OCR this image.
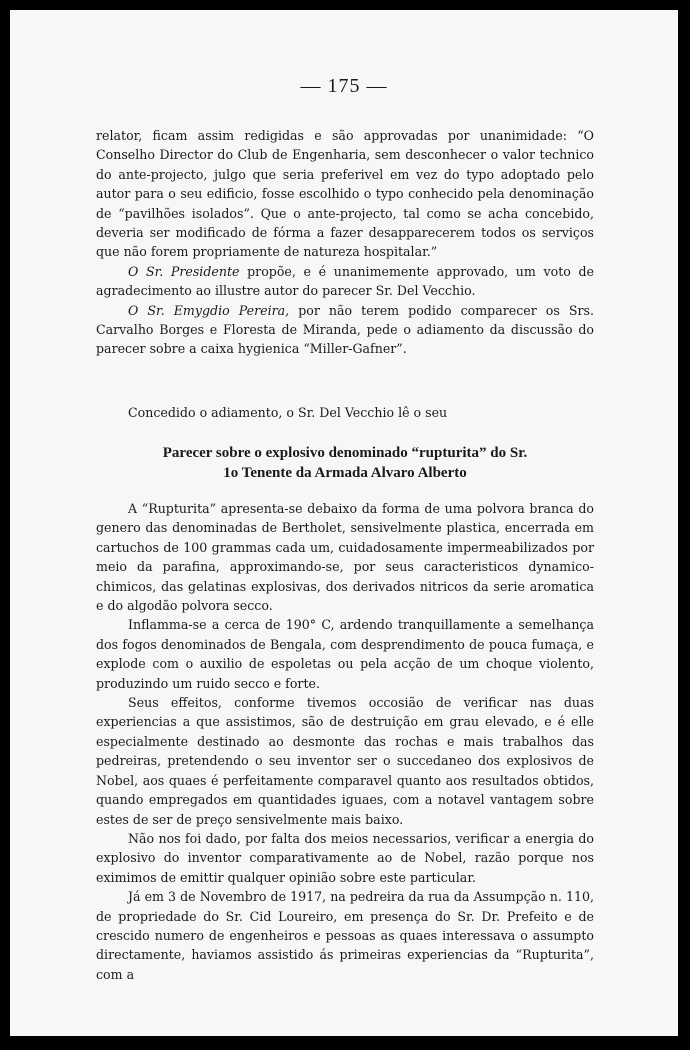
— 175 —

relator, ficam assim redigidas e são approvadas por unanimidade: “O Conselho Director do Club de Engenharia, sem desconhecer o valor technico do ante-projecto, julgo que seria preferivel em vez do typo adoptado pelo autor para o seu edificio, fosse escolhido o typo conhecido pela denominação de “pavilhões isolados”. Que o ante-projecto, tal como se acha concebido, deveria ser modificado de fórma a fazer desapparecerem todos os serviços que não forem propriamente de natureza hospitalar.”

O Sr. Presidente propõe, e é unanimemente approvado, um voto de agradecimento ao illustre autor do parecer Sr. Del Vecchio.

O Sr. Emygdio Pereira, por não terem podido comparecer os Srs. Carvalho Borges e Floresta de Miranda, pede o adiamento da discussão do parecer sobre a caixa hygienica “Miller-Gafner”.

Concedido o adiamento, o Sr. Del Vecchio lê o seu

Parecer sobre o explosivo denominado “rupturita” do Sr.
1o Tenente da Armada Alvaro Alberto

A “Rupturita” apresenta-se debaixo da forma de uma polvora branca do genero das denominadas de Bertholet, sensivelmente plastica, encerrada em cartuchos de 100 grammas cada um, cuidadosamente impermeabilizados por meio da parafina, approximando-se, por seus caracteristicos dynamico-chimicos, das gelatinas explosivas, dos derivados nitricos da serie aromatica e do algodão polvora secco.

Inflamma-se a cerca de 190° C, ardendo tranquillamente a semelhança dos fogos denominados de Bengala, com desprendimento de pouca fumaça, e explode com o auxilio de espoletas ou pela acção de um choque violento, produzindo um ruido secco e forte.

Seus effeitos, conforme tivemos occosião de verificar nas duas experiencias a que assistimos, são de destruição em grau elevado, e é elle especialmente destinado ao desmonte das rochas e mais trabalhos das pedreiras, pretendendo o seu inventor ser o succedaneo dos explosivos de Nobel, aos quaes é perfeitamente comparavel quanto aos resultados obtidos, quando empregados em quantidades iguaes, com a notavel vantagem sobre estes de ser de preço sensivelmente mais baixo.

Não nos foi dado, por falta dos meios necessarios, verificar a energia do explosivo do inventor comparativamente ao de Nobel, razão porque nos eximimos de emittir qualquer opinião sobre este particular.

Já em 3 de Novembro de 1917, na pedreira da rua da Assumpção n. 110, de propriedade do Sr. Cid Loureiro, em presença do Sr. Dr. Prefeito e de crescido numero de engenheiros e pessoas as quaes interessava o assumpto directamente, haviamos assistido ás primeiras experiencias da “Rupturita”, com a
